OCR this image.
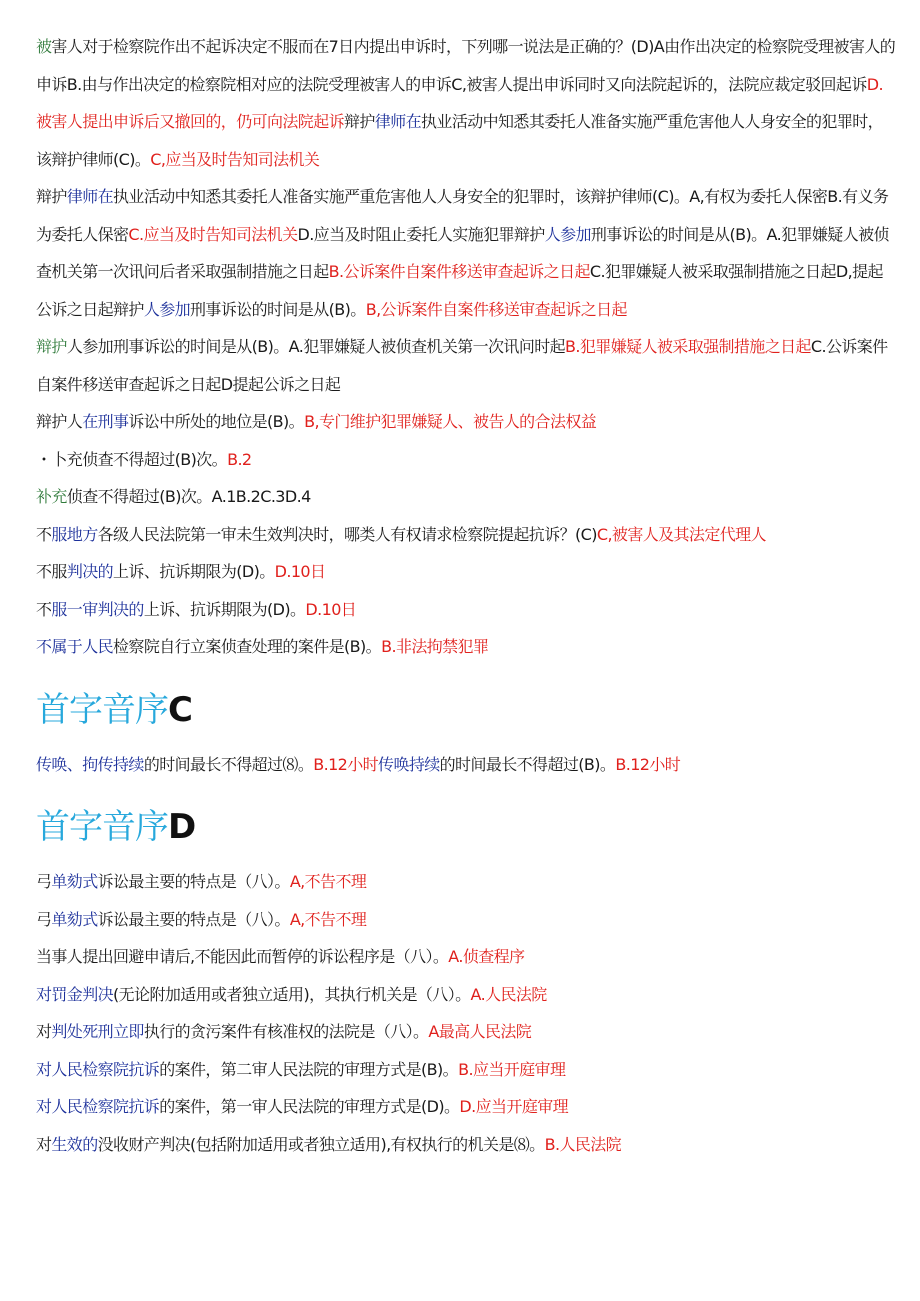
被害人对于检察院作出不起诉决定不服而在7日内提出申诉时，下列哪一说法是正确的？(D)A由作出决定的检察院受理被害人的申诉B.由与作出决定的检察院相对应的法院受理被害人的申诉C,被害人提出申诉同时又向法院起诉的，法院应裁定驳回起诉D.被害人提出申诉后又撤回的，仍可向法院起诉辩护律师在执业活动中知悉其委托人准备实施严重危害他人人身安全的犯罪时，该辩护律师(C)。C,应当及时告知司法机关

辩护律师在执业活动中知悉其委托人准备实施严重危害他人人身安全的犯罪时，该辩护律师(C)。A,有权为委托人保密B.有义务为委托人保密C.应当及时告知司法机关D.应当及时阻止委托人实施犯罪辩护人参加刑事诉讼的时间是从(B)。A.犯罪嫌疑人被侦查机关第一次讯问后者采取强制措施之日起B.公诉案件自案件移送审查起诉之日起C.犯罪嫌疑人被采取强制措施之日起D,提起公诉之日起辩护人参加刑事诉讼的时间是从(B)。B,公诉案件自案件移送审查起诉之日起

辩护人参加刑事诉讼的时间是从(B)。A.犯罪嫌疑人被侦查机关第一次讯问时起B.犯罪嫌疑人被采取强制措施之日起C.公诉案件自案件移送审查起诉之日起D提起公诉之日起

辩护人在刑事诉讼中所处的地位是(B)。B,专门维护犯罪嫌疑人、被告人的合法权益

・卜充侦查不得超过(B)次。B.2

补充侦查不得超过(B)次。A.1B.2C.3D.4

不服地方各级人民法院第一审未生效判决时，哪类人有权请求检察院提起抗诉？(C)C,被害人及其法定代理人

不服判决的上诉、抗诉期限为(D)。D.10日

不服一审判决的上诉、抗诉期限为(D)。D.10日

不属于人民检察院自行立案侦查处理的案件是(B)。B.非法拘禁犯罪

首字音序C

传唤、拘传持续的时间最长不得超过⑻。B.12小时传唤持续的时间最长不得超过(B)。B.12小时

首字音序D

弓单劾式诉讼最主要的特点是（八）。A,不告不理

弓单劾式诉讼最主要的特点是（八）。A,不告不理

当事人提出回避申请后,不能因此而暂停的诉讼程序是（八）。A.侦查程序

对罚金判决(无论附加适用或者独立适用)，其执行机关是（八）。A.人民法院

对判处死刑立即执行的贪污案件有核准权的法院是（八）。A最高人民法院

对人民检察院抗诉的案件，第二审人民法院的审理方式是(B)。B.应当开庭审理

对人民检察院抗诉的案件，第一审人民法院的审理方式是(D)。D.应当开庭审理

对生效的没收财产判决(包括附加适用或者独立适用),有权执行的机关是⑻。B.人民法院
